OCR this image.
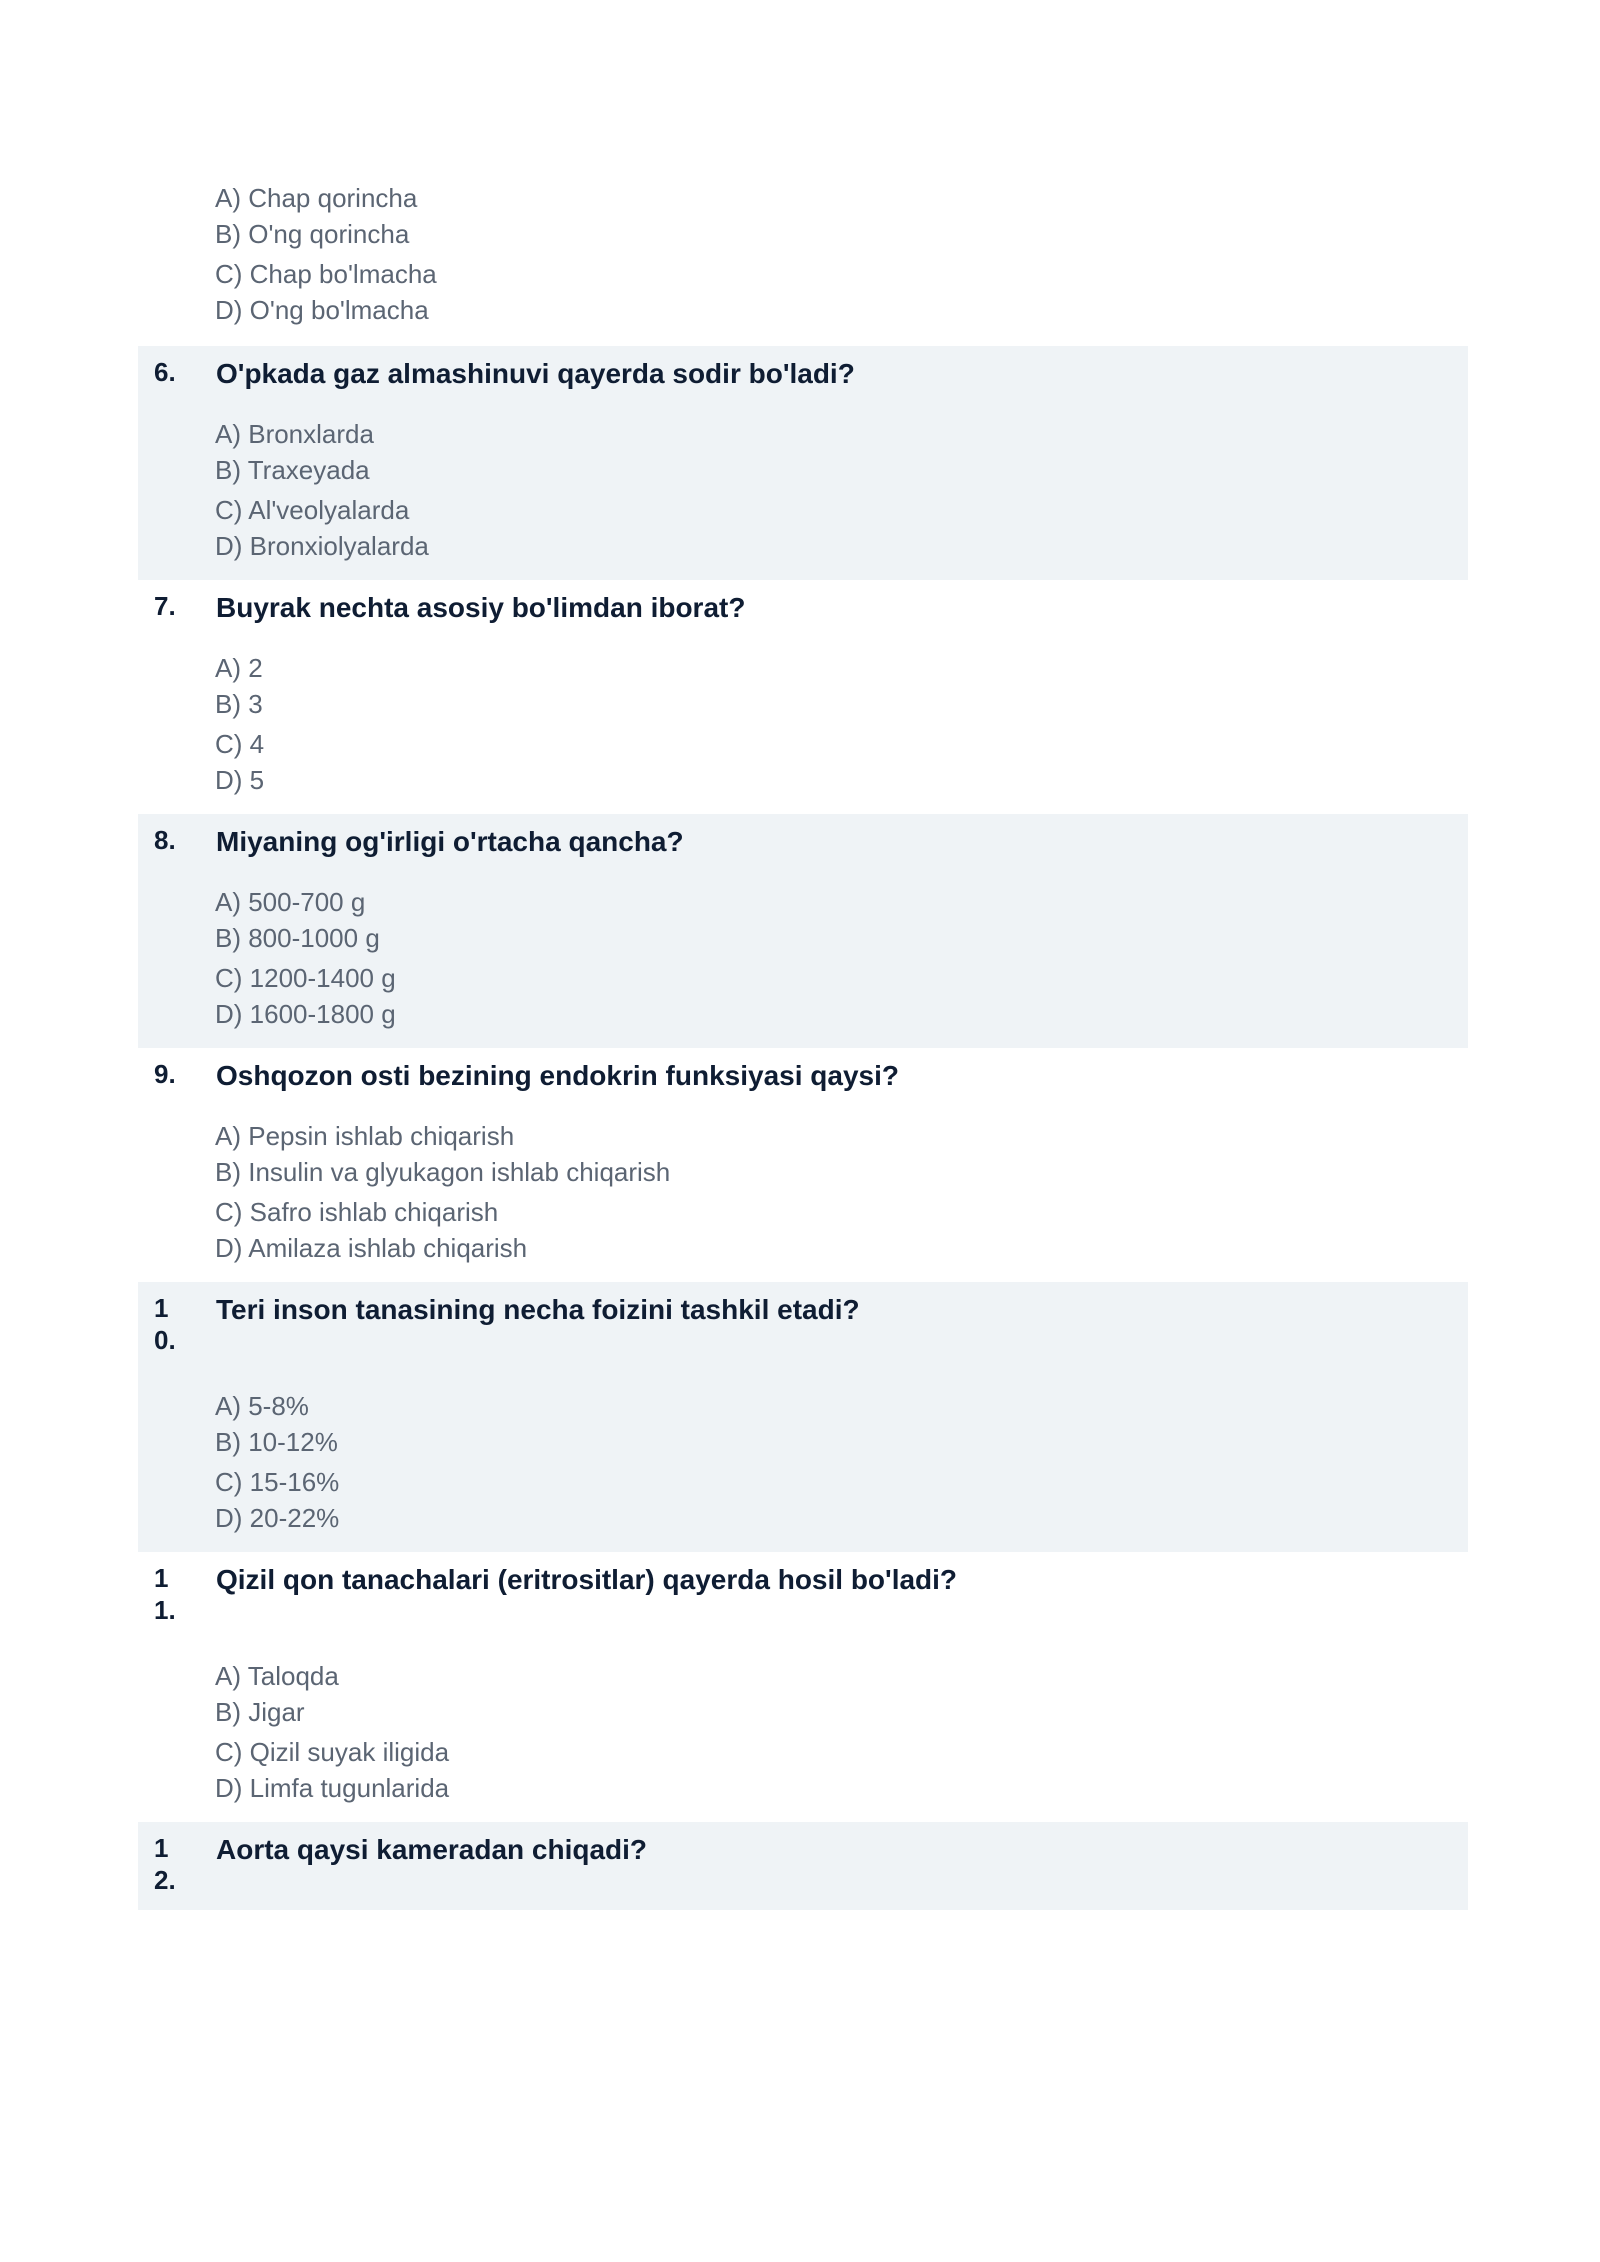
A) Chap qorincha
B) O'ng qorincha
C) Chap bo'lmacha
D) O'ng bo'lmacha
6.	O'pkada gaz almashinuvi qayerda sodir bo'ladi?
A) Bronxlarda
B) Traxeyada
C) Al'veolyalarda
D) Bronxiolyalarda
7.	Buyrak nechta asosiy bo'limdan iborat?
A) 2
B) 3
C) 4
D) 5
8.	Miyaning og'irligi o'rtacha qancha?
A) 500-700 g
B) 800-1000 g
C) 1200-1400 g
D) 1600-1800 g
9.	Oshqozon osti bezining endokrin funksiyasi qaysi?
A) Pepsin ishlab chiqarish
B) Insulin va glyukagon ishlab chiqarish
C) Safro ishlab chiqarish
D) Amilaza ishlab chiqarish
10.
Teri inson tanasining necha foizini tashkil etadi?
A) 5-8%
B) 10-12%
C) 15-16%
D) 20-22%
11.
Qizil qon tanachalari (eritrositlar) qayerda hosil bo'ladi?
A) Taloqda
B) Jigar
C) Qizil suyak iligida
D) Limfa tugunlarida
12.
Aorta qaysi kameradan chiqadi?
